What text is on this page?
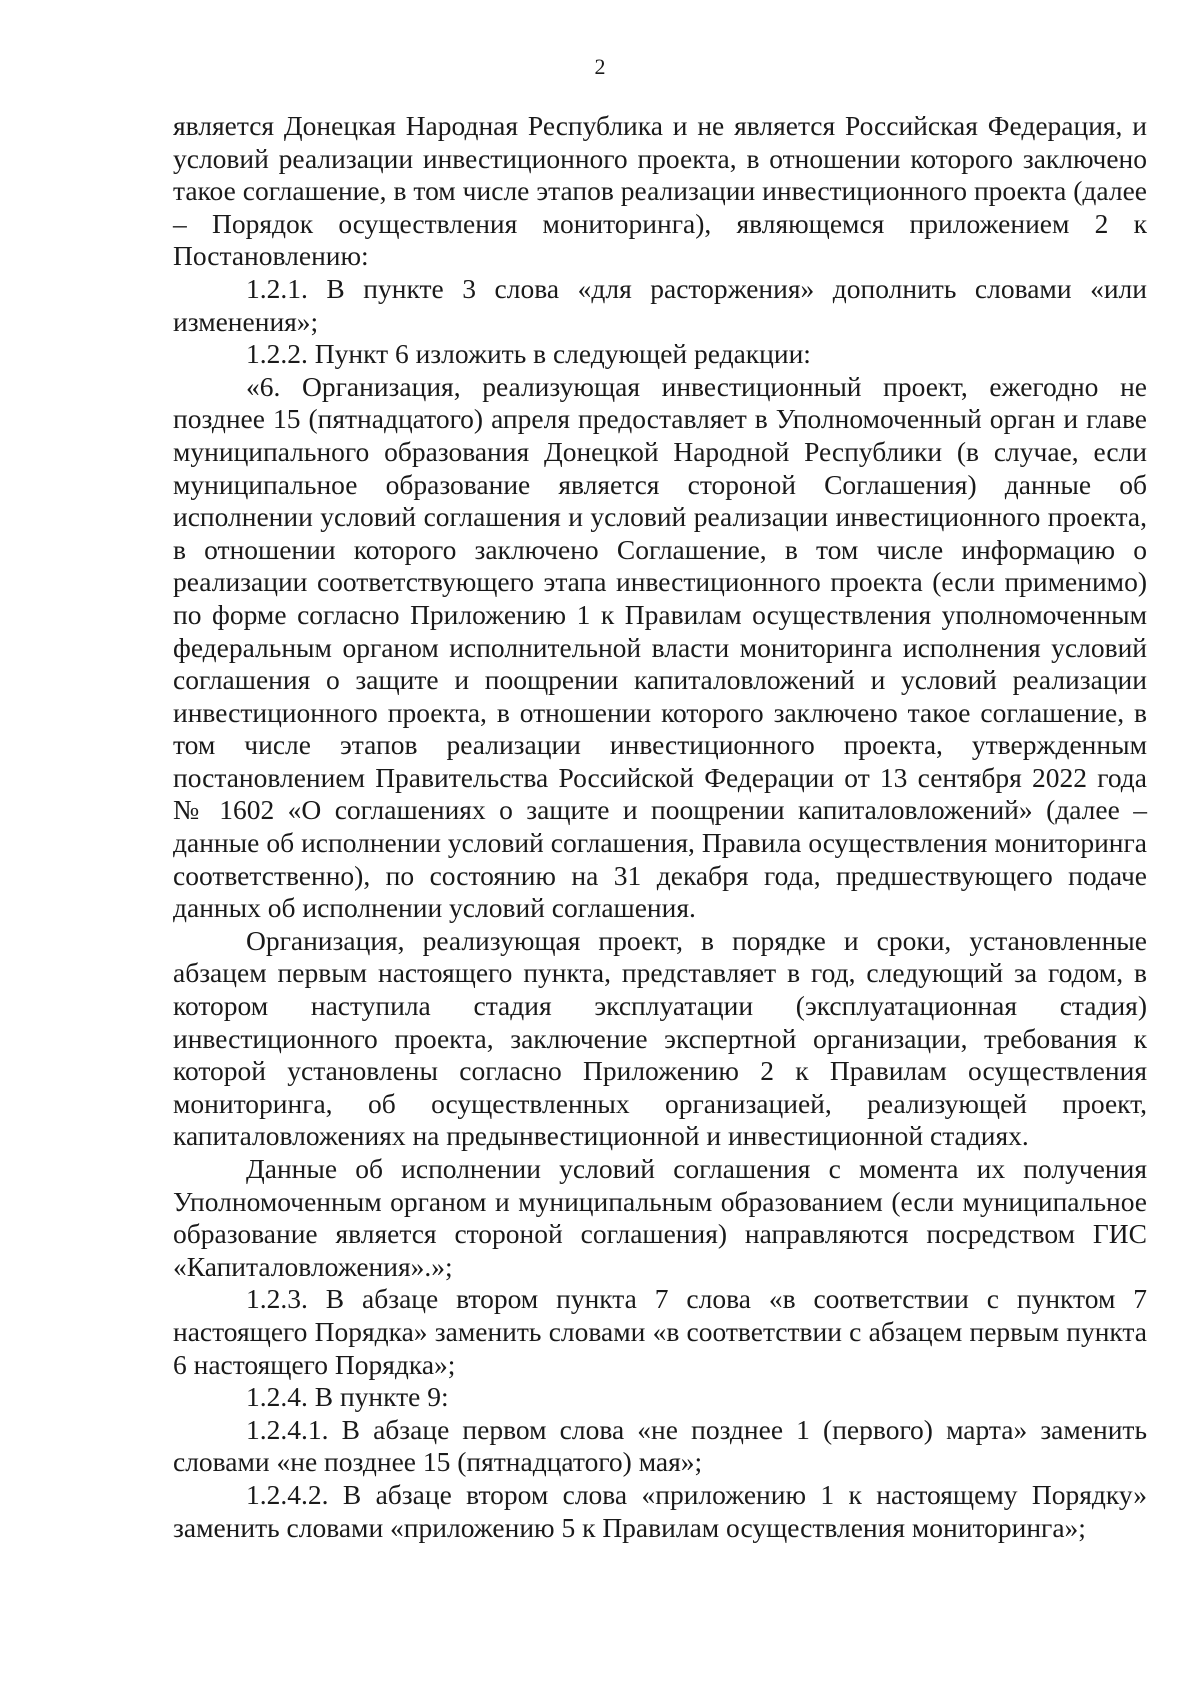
2

является Донецкая Народная Республика и не является Российская Федерация, и условий реализации инвестиционного проекта, в отношении которого заключено такое соглашение, в том числе этапов реализации инвестиционного проекта (далее – Порядок осуществления мониторинга), являющемся приложением 2 к Постановлению:

1.2.1. В пункте 3 слова «для расторжения» дополнить словами «или изменения»;

1.2.2. Пункт 6 изложить в следующей редакции:

«6. Организация, реализующая инвестиционный проект, ежегодно не позднее 15 (пятнадцатого) апреля предоставляет в Уполномоченный орган и главе муниципального образования Донецкой Народной Республики (в случае, если муниципальное образование является стороной Соглашения) данные об исполнении условий соглашения и условий реализации инвестиционного проекта, в отношении которого заключено Соглашение, в том числе информацию о реализации соответствующего этапа инвестиционного проекта (если применимо) по форме согласно Приложению 1 к Правилам осуществления уполномоченным федеральным органом исполнительной власти мониторинга исполнения условий соглашения о защите и поощрении капиталовложений и условий реализации инвестиционного проекта, в отношении которого заключено такое соглашение, в том числе этапов реализации инвестиционного проекта, утвержденным постановлением Правительства Российской Федерации от 13 сентября 2022 года № 1602 «О соглашениях о защите и поощрении капиталовложений» (далее – данные об исполнении условий соглашения, Правила осуществления мониторинга соответственно), по состоянию на 31 декабря года, предшествующего подаче данных об исполнении условий соглашения.

Организация, реализующая проект, в порядке и сроки, установленные абзацем первым настоящего пункта, представляет в год, следующий за годом, в котором наступила стадия эксплуатации (эксплуатационная стадия) инвестиционного проекта, заключение экспертной организации, требования к которой установлены согласно Приложению 2 к Правилам осуществления мониторинга, об осуществленных организацией, реализующей проект, капиталовложениях на предынвестиционной и инвестиционной стадиях.

Данные об исполнении условий соглашения с момента их получения Уполномоченным органом и муниципальным образованием (если муниципальное образование является стороной соглашения) направляются посредством ГИС «Капиталовложения».»;

1.2.3. В абзаце втором пункта 7 слова «в соответствии с пунктом 7 настоящего Порядка» заменить словами «в соответствии с абзацем первым пункта 6 настоящего Порядка»;

1.2.4. В пункте 9:

1.2.4.1. В абзаце первом слова «не позднее 1 (первого) марта» заменить словами «не позднее 15 (пятнадцатого) мая»;

1.2.4.2. В абзаце втором слова «приложению 1 к настоящему Порядку» заменить словами «приложению 5 к Правилам осуществления мониторинга»;
